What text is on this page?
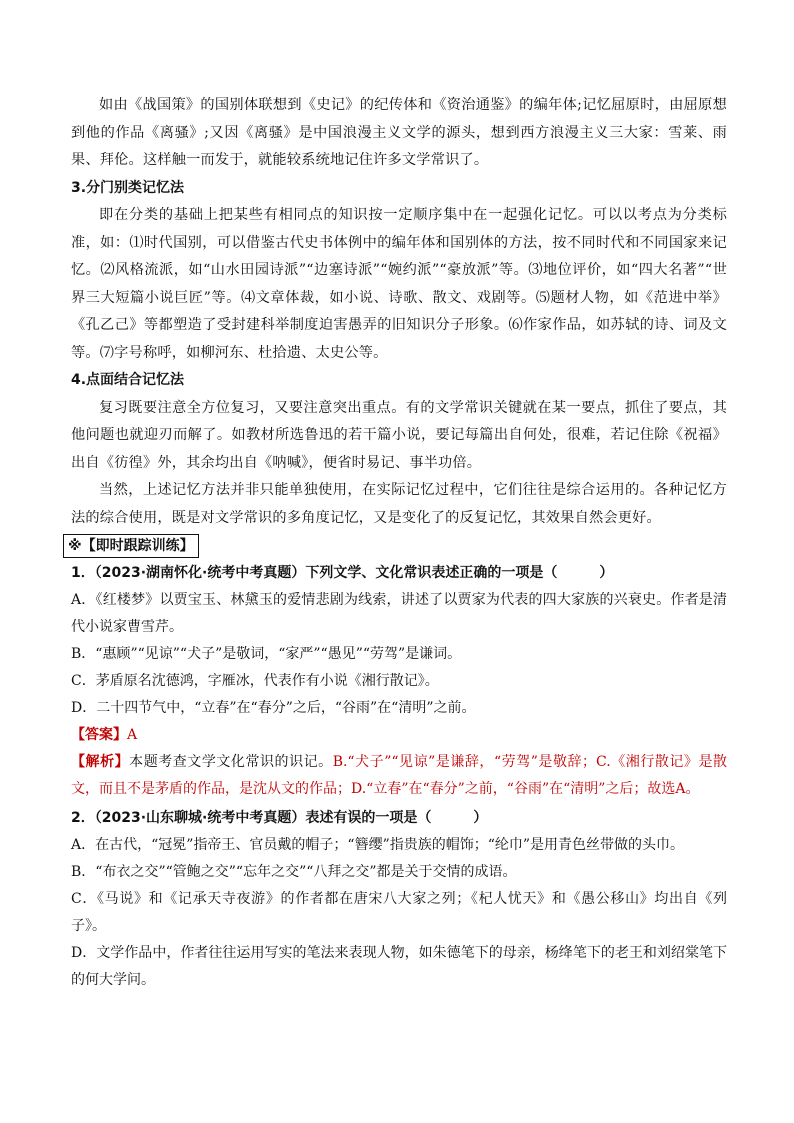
如由《战国策》的国别体联想到《史记》的纪传体和《资治通鉴》的编年体;记忆屈原时，由屈原想到他的作品《离骚》;又因《离骚》是中国浪漫主义文学的源头，想到西方浪漫主义三大家：雪莱、雨果、拜伦。这样触一而发于，就能较系统地记住许多文学常识了。

3.分门别类记忆法

即在分类的基础上把某些有相同点的知识按一定顺序集中在一起强化记忆。可以以考点为分类标准，如：⑴时代国别，可以借鉴古代史书体例中的编年体和国别体的方法，按不同时代和不同国家来记忆。⑵风格流派，如“山水田园诗派”“边塞诗派”“婉约派”“豪放派”等。⑶地位评价，如“四大名著”“世界三大短篇小说巨匠”等。⑷文章体裁，如小说、诗歌、散文、戏剧等。⑸题材人物，如《范进中举》《孔乙己》等都塑造了受封建科举制度迫害愚弄的旧知识分子形象。⑹作家作品，如苏轼的诗、词及文等。⑺字号称呼，如柳河东、杜拾遗、太史公等。

4.点面结合记忆法

复习既要注意全方位复习，又要注意突出重点。有的文学常识关键就在某一要点，抓住了要点，其他问题也就迎刃而解了。如教材所选鲁迅的若干篇小说，要记每篇出自何处，很难，若记住除《祝福》出自《彷徨》外，其余均出自《呐喊》，便省时易记、事半功倍。

当然，上述记忆方法并非只能单独使用，在实际记忆过程中，它们往往是综合运用的。各种记忆方法的综合使用，既是对文学常识的多角度记忆，又是变化了的反复记忆，其效果自然会更好。

※【即时跟踪训练】

1．（2023·湖南怀化·统考中考真题）下列文学、文化常识表述正确的一项是（　　　）

A．《红楼梦》以贾宝玉、林黛玉的爱情悲剧为线索，讲述了以贾家为代表的四大家族的兴衰史。作者是清代小说家曹雪芹。

B．“惠顾”“见谅”“犬子”是敬词，“家严”“愚见”“劳驾”是谦词。

C．茅盾原名沈德鸿，字雁冰，代表作有小说《湘行散记》。

D．二十四节气中，“立春”在“春分”之后，“谷雨”在“清明”之前。

【答案】A

【解析】本题考查文学文化常识的识记。B.“犬子”“见谅”是谦辞，“劳驾”是敬辞；C.《湘行散记》是散文，而且不是茅盾的作品，是沈从文的作品；D.“立春”在“春分”之前，“谷雨”在“清明”之后；故选A。

2．（2023·山东聊城·统考中考真题）表述有误的一项是（　　　）

A．在古代，“冠冕”指帝王、官员戴的帽子；“簪缨”指贵族的帽饰；“纶巾”是用青色丝带做的头巾。

B．“布衣之交”“管鲍之交”“忘年之交”“八拜之交”都是关于交情的成语。

C．《马说》和《记承天寺夜游》的作者都在唐宋八大家之列；《杞人忧天》和《愚公移山》均出自《列子》。

D．文学作品中，作者往往运用写实的笔法来表现人物，如朱德笔下的母亲，杨绛笔下的老王和刘绍棠笔下的何大学问。
